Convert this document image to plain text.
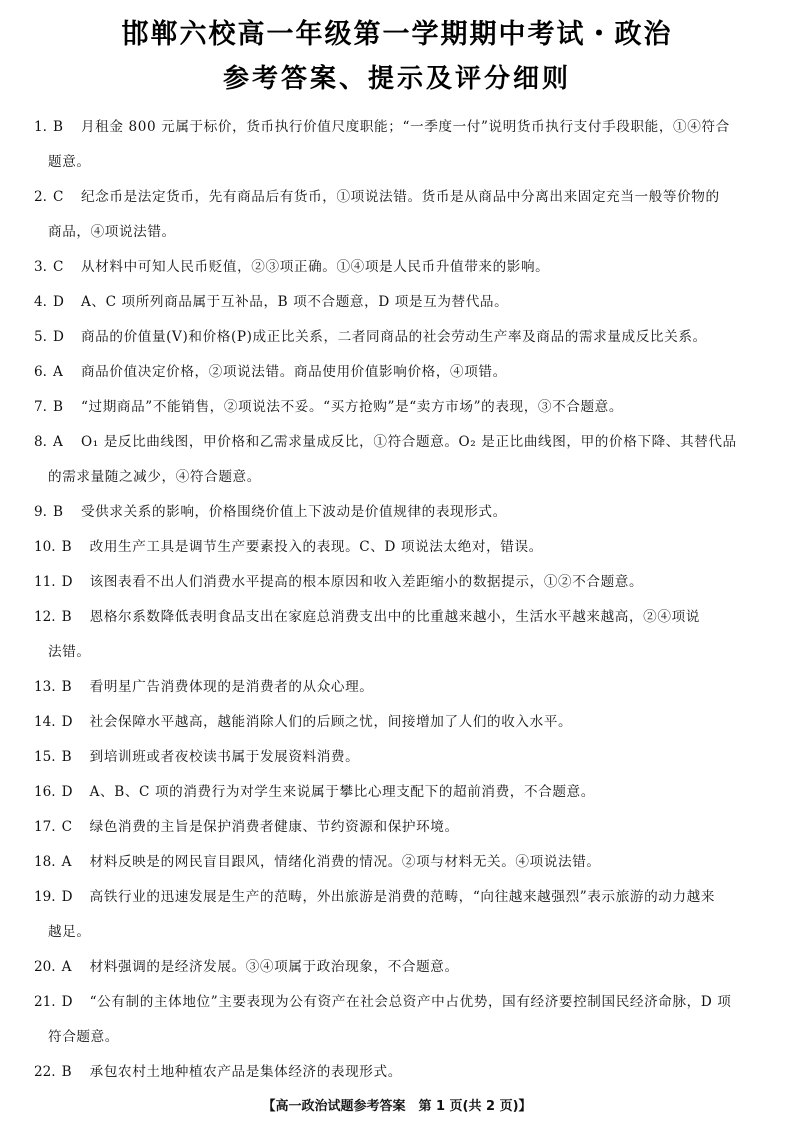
邯郸六校高一年级第一学期期中考试・政治
参考答案、提示及评分细则
1. B	月租金 800 元属于标价，货币执行价值尺度职能；“一季度一付”说明货币执行支付手段职能，①④符合
题意。
2. C	纪念币是法定货币，先有商品后有货币，①项说法错。货币是从商品中分离出来固定充当一般等价物的
商品，④项说法错。
3. C	从材料中可知人民币贬值，②③项正确。①④项是人民币升值带来的影响。
4. D	A、C 项所列商品属于互补品，B 项不合题意，D 项是互为替代品。
5. D	商品的价值量(V)和价格(P)成正比关系，二者同商品的社会劳动生产率及商品的需求量成反比关系。
6. A	商品价值决定价格，②项说法错。商品使用价值影响价格，④项错。
7. B	“过期商品”不能销售，②项说法不妥。“买方抢购”是“卖方市场”的表现，③不合题意。
8. A	O₁ 是反比曲线图，甲价格和乙需求量成反比，①符合题意。O₂ 是正比曲线图，甲的价格下降、其替代品
的需求量随之减少，④符合题意。
9. B	受供求关系的影响，价格围绕价值上下波动是价值规律的表现形式。
10. B	改用生产工具是调节生产要素投入的表现。C、D 项说法太绝对，错误。
11. D	该图表看不出人们消费水平提高的根本原因和收入差距缩小的数据提示，①②不合题意。
12. B	恩格尔系数降低表明食品支出在家庭总消费支出中的比重越来越小，生活水平越来越高，②④项说
法错。
13. B	看明星广告消费体现的是消费者的从众心理。
14. D	社会保障水平越高，越能消除人们的后顾之忧，间接增加了人们的收入水平。
15. B	到培训班或者夜校读书属于发展资料消费。
16. D	A、B、C 项的消费行为对学生来说属于攀比心理支配下的超前消费，不合题意。
17. C	绿色消费的主旨是保护消费者健康、节约资源和保护环境。
18. A	材料反映是的网民盲目跟风，情绪化消费的情况。②项与材料无关。④项说法错。
19. D	高铁行业的迅速发展是生产的范畴，外出旅游是消费的范畴，“向往越来越强烈”表示旅游的动力越来
越足。
20. A	材料强调的是经济发展。③④项属于政治现象，不合题意。
21. D	“公有制的主体地位”主要表现为公有资产在社会总资产中占优势，国有经济要控制国民经济命脉，D 项
符合题意。
22. B	承包农村土地种植农产品是集体经济的表现形式。
【高一政治试题参考答案　第 1 页(共 2 页)】
